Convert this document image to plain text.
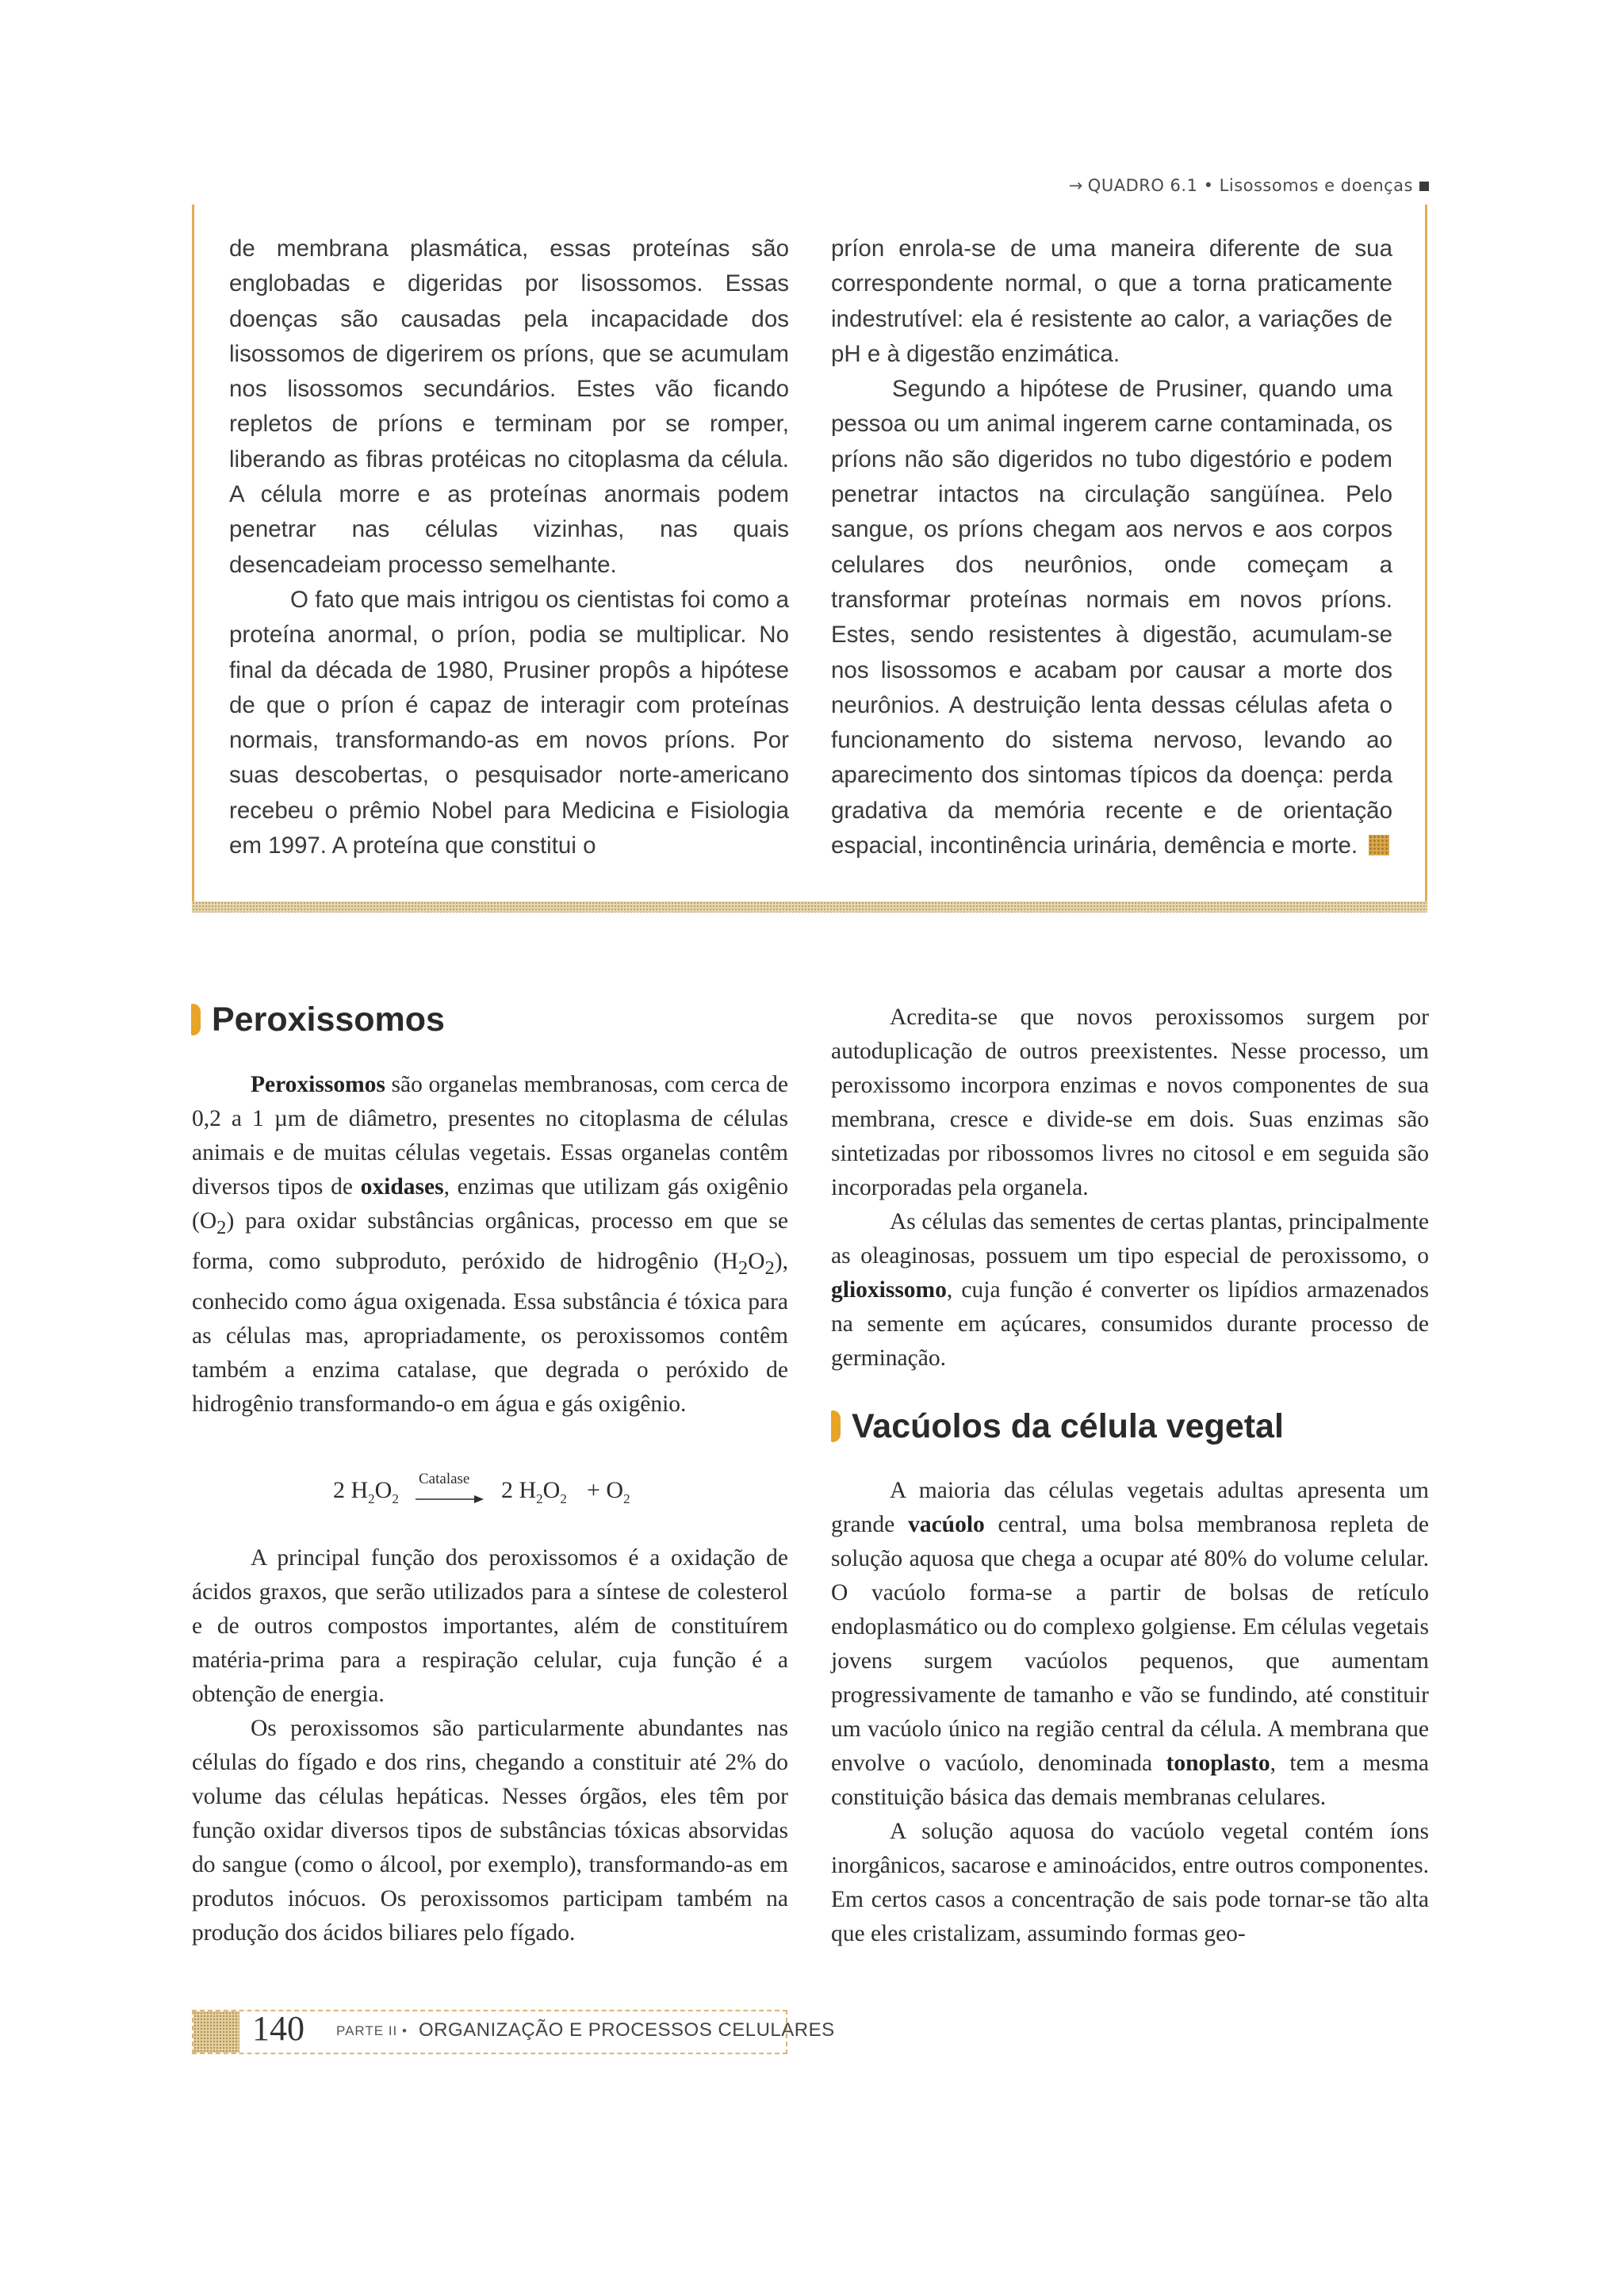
→ QUADRO 6.1 • Lisossomos e doenças

de membrana plasmática, essas proteínas são englobadas e digeridas por lisossomos. Essas doenças são causadas pela incapacidade dos lisossomos de digerirem os príons, que se acumulam nos lisossomos secundários. Estes vão ficando repletos de príons e terminam por se romper, liberando as fibras protéicas no citoplasma da célula. A célula morre e as proteínas anormais podem penetrar nas células vizinhas, nas quais desencadeiam processo semelhante.

O fato que mais intrigou os cientistas foi como a proteína anormal, o príon, podia se multiplicar. No final da década de 1980, Prusiner propôs a hipótese de que o príon é capaz de interagir com proteínas normais, transformando-as em novos príons. Por suas descobertas, o pesquisador norte-americano recebeu o prêmio Nobel para Medicina e Fisiologia em 1997. A proteína que constitui o

príon enrola-se de uma maneira diferente de sua correspondente normal, o que a torna praticamente indestrutível: ela é resistente ao calor, a variações de pH e à digestão enzimática.

Segundo a hipótese de Prusiner, quando uma pessoa ou um animal ingerem carne contaminada, os príons não são digeridos no tubo digestório e podem penetrar intactos na circulação sangüínea. Pelo sangue, os príons chegam aos nervos e aos corpos celulares dos neurônios, onde começam a transformar proteínas normais em novos príons. Estes, sendo resistentes à digestão, acumulam-se nos lisossomos e acabam por causar a morte dos neurônios. A destruição lenta dessas células afeta o funcionamento do sistema nervoso, levando ao aparecimento dos sintomas típicos da doença: perda gradativa da memória recente e de orientação espacial, incontinência urinária, demência e morte.

Peroxissomos

Peroxissomos são organelas membranosas, com cerca de 0,2 a 1 µm de diâmetro, presentes no citoplasma de células animais e de muitas células vegetais. Essas organelas contêm diversos tipos de oxidases, enzimas que utilizam gás oxigênio $(O_2)$ para oxidar substâncias orgânicas, processo em que se forma, como subproduto, peróxido de hidrogênio $(H_2O_2)$, conhecido como água oxigenada. Essa substância é tóxica para as células mas, apropriadamente, os peroxissomos contêm também a enzima catalase, que degrada o peróxido de hidrogênio transformando-o em água e gás oxigênio.

2 $H_2O_2$
Catalase → 2 $H_2O_2 + O_2$

A principal função dos peroxissomos é a oxidação de ácidos graxos, que serão utilizados para a síntese de colesterol e de outros compostos importantes, além de constituírem matéria-prima para a respiração celular, cuja função é a obtenção de energia.

Os peroxissomos são particularmente abundantes nas células do fígado e dos rins, chegando a constituir até 2% do volume das células hepáticas. Nesses órgãos, eles têm por função oxidar diversos tipos de substâncias tóxicas absorvidas do sangue (como o álcool, por exemplo), transformando-as em produtos inócuos. Os peroxissomos participam também na produção dos ácidos biliares pelo fígado.

Acredita-se que novos peroxissomos surgem por autoduplicação de outros preexistentes. Nesse processo, um peroxissomo incorpora enzimas e novos componentes de sua membrana, cresce e divide-se em dois. Suas enzimas são sintetizadas por ribossomos livres no citosol e em seguida são incorporadas pela organela.

As células das sementes de certas plantas, principalmente as oleaginosas, possuem um tipo especial de peroxissomo, o glioxissomo, cuja função é converter os lipídios armazenados na semente em açúcares, consumidos durante processo de germinação.

Vacúolos da célula vegetal

A maioria das células vegetais adultas apresenta um grande vacúolo central, uma bolsa membranosa repleta de solução aquosa que chega a ocupar até 80% do volume celular. O vacúolo forma-se a partir de bolsas de retículo endoplasmático ou do complexo golgiense. Em células vegetais jovens surgem vacúolos pequenos, que aumentam progressivamente de tamanho e vão se fundindo, até constituir um vacúolo único na região central da célula. A membrana que envolve o vacúolo, denominada tonoplasto, tem a mesma constituição básica das demais membranas celulares.

A solução aquosa do vacúolo vegetal contém íons inorgânicos, sacarose e aminoácidos, entre outros componentes. Em certos casos a concentração de sais pode tornar-se tão alta que eles cristalizam, assumindo formas geo-

140 PARTE II • ORGANIZAÇÃO E PROCESSOS CELULARES
